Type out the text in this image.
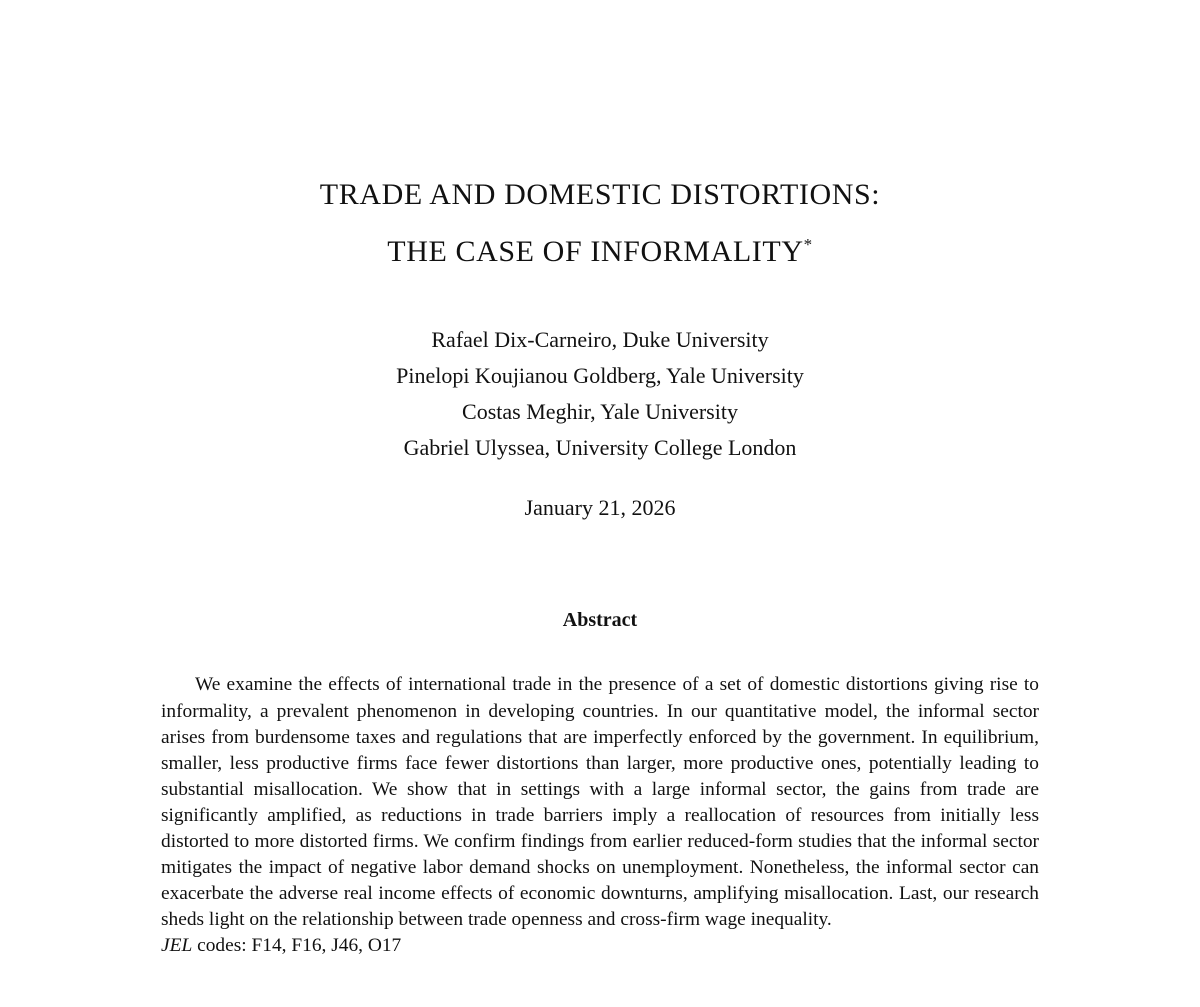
TRADE AND DOMESTIC DISTORTIONS:
THE CASE OF INFORMALITY*
Rafael Dix-Carneiro, Duke University
Pinelopi Koujianou Goldberg, Yale University
Costas Meghir, Yale University
Gabriel Ulyssea, University College London
January 21, 2026
Abstract

We examine the effects of international trade in the presence of a set of domestic distortions giving rise to informality, a prevalent phenomenon in developing countries. In our quantitative model, the informal sector arises from burdensome taxes and regulations that are imperfectly enforced by the government. In equilibrium, smaller, less productive firms face fewer distortions than larger, more productive ones, potentially leading to substantial misallocation. We show that in settings with a large informal sector, the gains from trade are significantly amplified, as reductions in trade barriers imply a reallocation of resources from initially less distorted to more distorted firms. We confirm findings from earlier reduced-form studies that the informal sector mitigates the impact of negative labor demand shocks on unemployment. Nonetheless, the informal sector can exacerbate the adverse real income effects of economic downturns, amplifying misallocation. Last, our research sheds light on the relationship between trade openness and cross-firm wage inequality.

JEL codes: F14, F16, J46, O17
